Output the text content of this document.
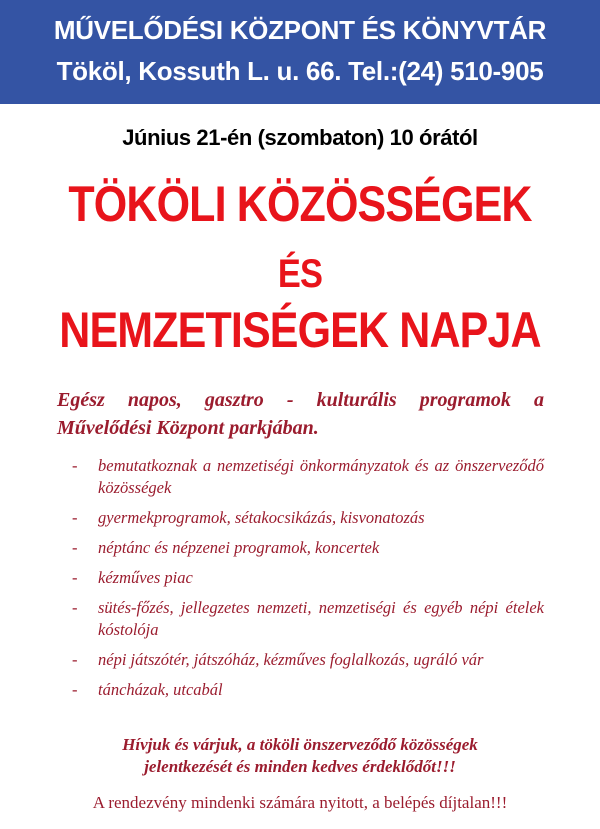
MŰVELŐDÉSI KÖZPONT ÉS KÖNYVTÁR
Tököl, Kossuth L. u. 66. Tel.:(24) 510-905
Június 21-én (szombaton) 10 órától
TÖKÖLI KÖZÖSSÉGEK
ÉS
NEMZETISÉGEK NAPJA
Egész napos, gasztro - kulturális programok a
Művelődési Központ parkjában.
- bemutatkoznak a nemzetiségi önkormányzatok és az önszerveződő közösségek
- gyermekprogramok, sétakocsikázás, kisvonatozás
- néptánc és népzenei programok, koncertek
- kézműves piac
- sütés-főzés, jellegzetes nemzeti, nemzetiségi és egyéb népi ételek kóstolója
- népi játszótér, játszóház, kézműves foglalkozás, ugráló vár
- táncházak, utcabál
Hívjuk és várjuk, a tököli önszerveződő közösségek
jelentkezését és minden kedves érdeklődőt!!!
A rendezvény mindenki számára nyitott, a belépés díjtalan!!!
